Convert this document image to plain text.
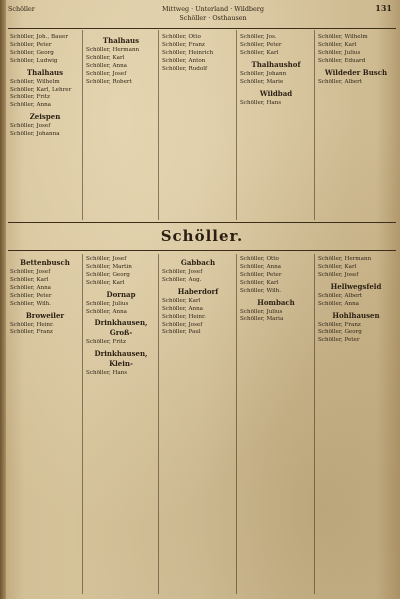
Schöller	Mittweg · Unterland · Wildberg
Schöller · Osthausen
131
Schöller, Joh., Bauer
Schöller, Peter
Schöller, Georg
Schöller, Ludwig
Thalhaus
Schöller, Wilhelm
Schöller, Karl, Lehrer
Schöller, Fritz
Schöller, Anna
Zeispen
Schöller, Josef
Schöller, Johanna
Thalhaus
Schöller, Hermann
Schöller, Karl
Schöller, Anna
Schöller, Josef
Schöller, Robert
Schöller, Otto
Schöller, Franz
Schöller, Heinrich
Schöller, Anton
Schöller, Rudolf
Schöller, Jos.
Schöller, Peter
Schöller, Karl
Thalhaushof
Schöller, Johann
Schöller, Marie
Wildbad
Schöller, Hans
Schöller, Wilhelm
Schöller, Karl
Schöller, Julius
Schöller, Eduard
Wildeder Busch
Schöller, Albert
Schöller.
Bettenbusch
Schöller, Josef
Schöller, Karl
Schöller, Anna
Schöller, Peter
Schöller, Wilh.
Broweiler
Schöller, Heinr.
Schöller, Franz
Schöller, Josef
Schöller, Martin
Schöller, Georg
Schöller, Karl
Dornap
Schöller, Julius
Schöller, Anna
Drinkhausen, Groß-
Schöller, Fritz
Drinkhausen, Klein-
Schöller, Hans
Gabbach
Schöller, Josef
Schöller, Aug.
Haberdorf
Schöller, Karl
Schöller, Anna
Schöller, Heinr.
Schöller, Josef
Schöller, Paul
Schöller, Otto
Schöller, Anna
Schöller, Peter
Schöller, Karl
Schöller, Wilh.
Hombach
Schöller, Julius
Schöller, Maria
Schöller, Hermann
Schöller, Karl
Schöller, Josef
Hellwegsfeld
Schöller, Albert
Schöller, Anna
Hohlhausen
Schöller, Franz
Schöller, Georg
Schöller, Peter
